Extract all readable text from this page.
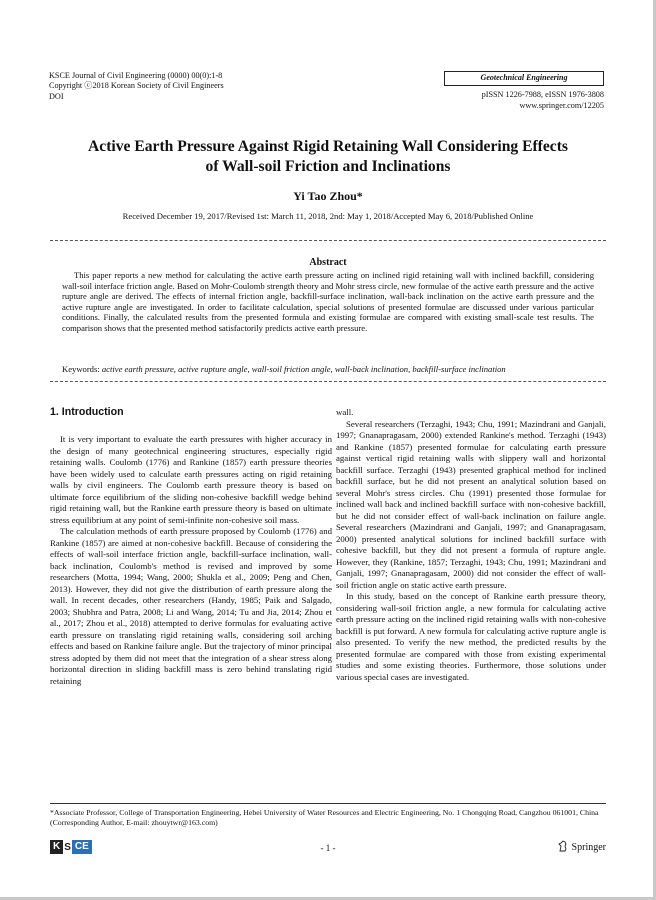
KSCE Journal of Civil Engineering (0000) 00(0):1-8
Copyright ⓒ2018 Korean Society of Civil Engineers
DOI
Geotechnical Engineering
pISSN 1226-7988, eISSN 1976-3808
www.springer.com/12205
Active Earth Pressure Against Rigid Retaining Wall Considering Effects
of Wall-soil Friction and Inclinations
Yi Tao Zhou*
Received December 19, 2017/Revised 1st: March 11, 2018, 2nd: May 1, 2018/Accepted May 6, 2018/Published Online
Abstract
This paper reports a new method for calculating the active earth pressure acting on inclined rigid retaining wall with inclined backfill, considering wall-soil interface friction angle. Based on Mohr-Coulomb strength theory and Mohr stress circle, new formulae of the active earth pressure and the active rupture angle are derived. The effects of internal friction angle, backfill-surface inclination, wall-back inclination on the active earth pressure and the active rupture angle are investigated. In order to facilitate calculation, special solutions of presented formulae are discussed under various particular conditions. Finally, the calculated results from the presented formula and existing formulae are compared with existing small-scale test results. The comparison shows that the presented method satisfactorily predicts active earth pressure.
Keywords: active earth pressure, active rupture angle, wall-soil friction angle, wall-back inclination, backfill-surface inclination
1. Introduction

It is very important to evaluate the earth pressures with higher accuracy in the design of many geotechnical engineering structures, especially rigid retaining walls. Coulomb (1776) and Rankine (1857) earth pressure theories have been widely used to calculate earth pressures acting on rigid retaining walls by civil engineers. The Coulomb earth pressure theory is based on ultimate force equilibrium of the sliding non-cohesive backfill wedge behind rigid retaining wall, but the Rankine earth pressure theory is based on ultimate stress equilibrium at any point of semi-infinite non-cohesive soil mass.

The calculation methods of earth pressure proposed by Coulomb (1776) and Rankine (1857) are aimed at non-cohesive backfill. Because of considering the effects of wall-soil interface friction angle, backfill-surface inclination, wall-back inclination, Coulomb's method is revised and improved by some researchers (Motta, 1994; Wang, 2000; Shukla et al., 2009; Peng and Chen, 2013). However, they did not give the distribution of earth pressure along the wall. In recent decades, other researchers (Handy, 1985; Paik and Salgado, 2003; Shubhra and Patra, 2008; Li and Wang, 2014; Tu and Jia, 2014; Zhou et al., 2017; Zhou et al., 2018) attempted to derive formulas for evaluating active earth pressure on translating rigid retaining walls, considering soil arching effects and based on Rankine failure angle. But the trajectory of minor principal stress adopted by them did not meet that the integration of a shear stress along horizontal direction in sliding backfill mass is zero behind translating rigid retaining

wall.

Several researchers (Terzaghi, 1943; Chu, 1991; Mazindrani and Ganjali, 1997; Gnanapragasam, 2000) extended Rankine's method. Terzaghi (1943) and Rankine (1857) presented formulae for calculating earth pressure against vertical rigid retaining walls with slippery wall and horizontal backfill surface. Terzaghi (1943) presented graphical method for inclined backfill surface, but he did not present an analytical solution based on several Mohr's stress circles. Chu (1991) presented those formulae for inclined wall back and inclined backfill surface with non-cohesive backfill, but he did not consider effect of wall-back inclination on failure angle. Several researchers (Mazindrani and Ganjali, 1997; and Gnanapragasam, 2000) presented analytical solutions for inclined backfill surface with cohesive backfill, but they did not present a formula of rupture angle. However, they (Rankine, 1857; Terzaghi, 1943; Chu, 1991; Mazindrani and Ganjali, 1997; Gnanapragasam, 2000) did not consider the effect of wall-soil friction angle on static active earth pressure.

In this study, based on the concept of Rankine earth pressure theory, considering wall-soil friction angle, a new formula for calculating active earth pressure acting on the inclined rigid retaining walls with non-cohesive backfill is put forward. A new formula for calculating active rupture angle is also presented. To verify the new method, the predicted results by the presented formulae are compared with those from existing experimental studies and some existing theories. Furthermore, those solutions under various special cases are investigated.

*Associate Professor, College of Transportation Engineering, Hebei University of Water Resources and Electric Engineering, No. 1 Chongqing Road, Cangzhou 061001, China (Corresponding Author, E-mail: zhouytwr@163.com)
K S CE	- 1 -	Springer
